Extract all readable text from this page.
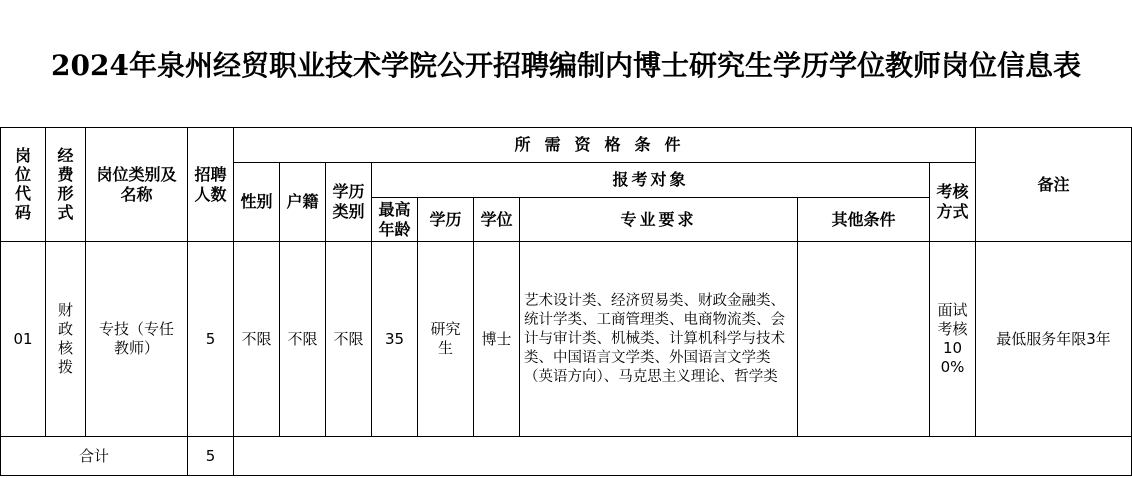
2024年泉州经贸职业技术学院公开招聘编制内博士研究生学历学位教师岗位信息表
岗位代码	经费形式	岗位类别及名称	招聘人数	所需资格条件									备注
				性别	户籍	学历类别	报考对象					考核方式	
							最高年龄	学历	学位	专业要求	其他条件		
01	财政核拨	专技（专任教师）	5	不限	不限	不限	35	研究生	博士	艺术设计类、经济贸易类、财政金融类、统计学类、工商管理类、电商物流类、会计与审计类、机械类、计算机科学与技术类、中国语言文学类、外国语言文学类（英语方向）、马克思主义理论、哲学类		面试考核100%	最低服务年限3年
合计			5										
